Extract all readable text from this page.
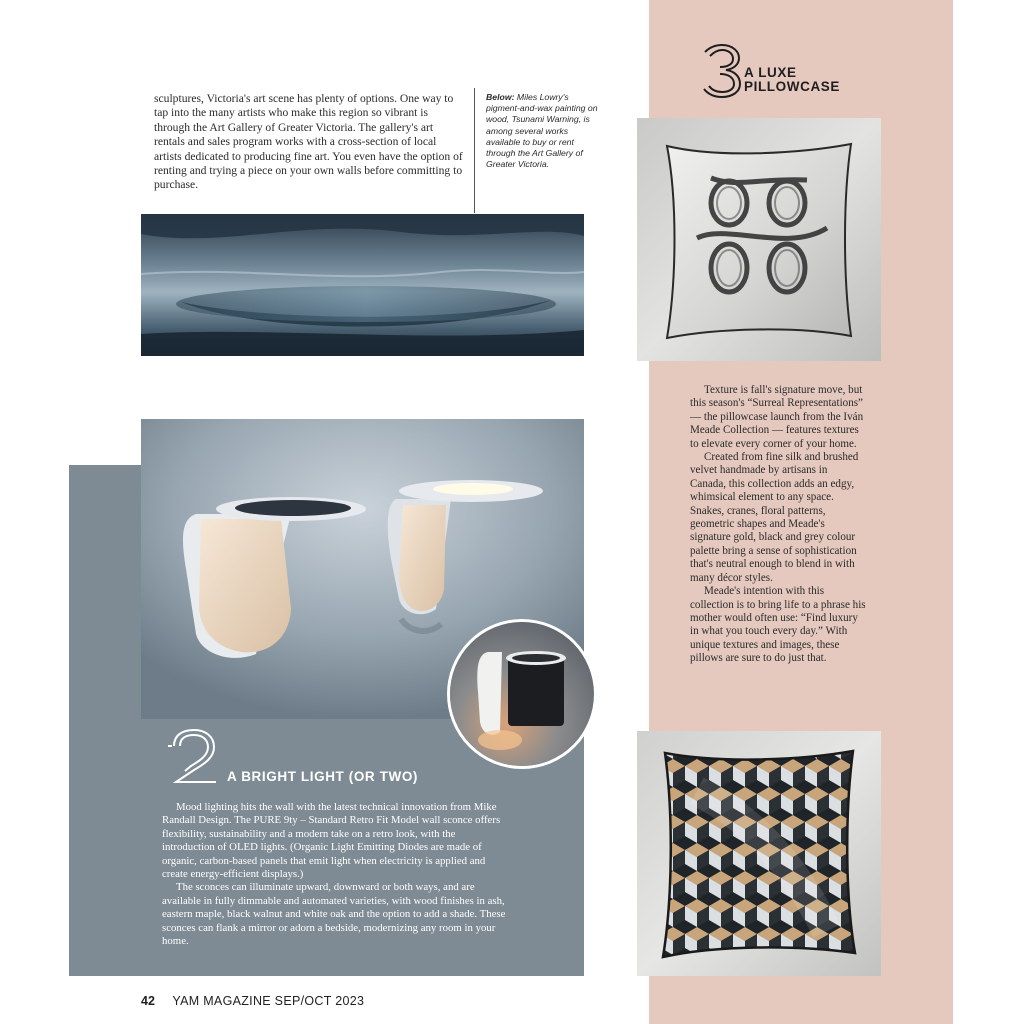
sculptures, Victoria's art scene has plenty of options. One way to tap into the many artists who make this region so vibrant is through the Art Gallery of Greater Victoria. The gallery's art rentals and sales program works with a cross-section of local artists dedicated to producing fine art. You even have the option of renting and trying a piece on your own walls before committing to purchase.
Below: Miles Lowry's pigment-and-wax painting on wood, Tsunami Warning, is among several works available to buy or rent through the Art Gallery of Greater Victoria.
A BRIGHT LIGHT (OR TWO)

Mood lighting hits the wall with the latest technical innovation from Mike Randall Design. The PURE 9ty – Standard Retro Fit Model wall sconce offers flexibility, sustainability and a modern take on a retro look, with the introduction of OLED lights. (Organic Light Emitting Diodes are made of organic, carbon-based panels that emit light when electricity is applied and create energy-efficient displays.)

The sconces can illuminate upward, downward or both ways, and are available in fully dimmable and automated varieties, with wood finishes in ash, eastern maple, black walnut and white oak and the option to add a shade. These sconces can flank a mirror or adorn a bedside, modernizing any room in your home.

A LUXE
PILLOWCASE

Texture is fall's signature move, but this season's “Surreal Representations” — the pillowcase launch from the Iván Meade Collection — features textures to elevate every corner of your home.

Created from fine silk and brushed velvet handmade by artisans in Canada, this collection adds an edgy, whimsical element to any space. Snakes, cranes, floral patterns, geometric shapes and Meade's signature gold, black and grey colour palette bring a sense of sophistication that's neutral enough to blend in with many décor styles.

Meade's intention with this collection is to bring life to a phrase his mother would often use: “Find luxury in what you touch every day.” With unique textures and images, these pillows are sure to do just that.

42 YAM MAGAZINE SEP/OCT 2023
